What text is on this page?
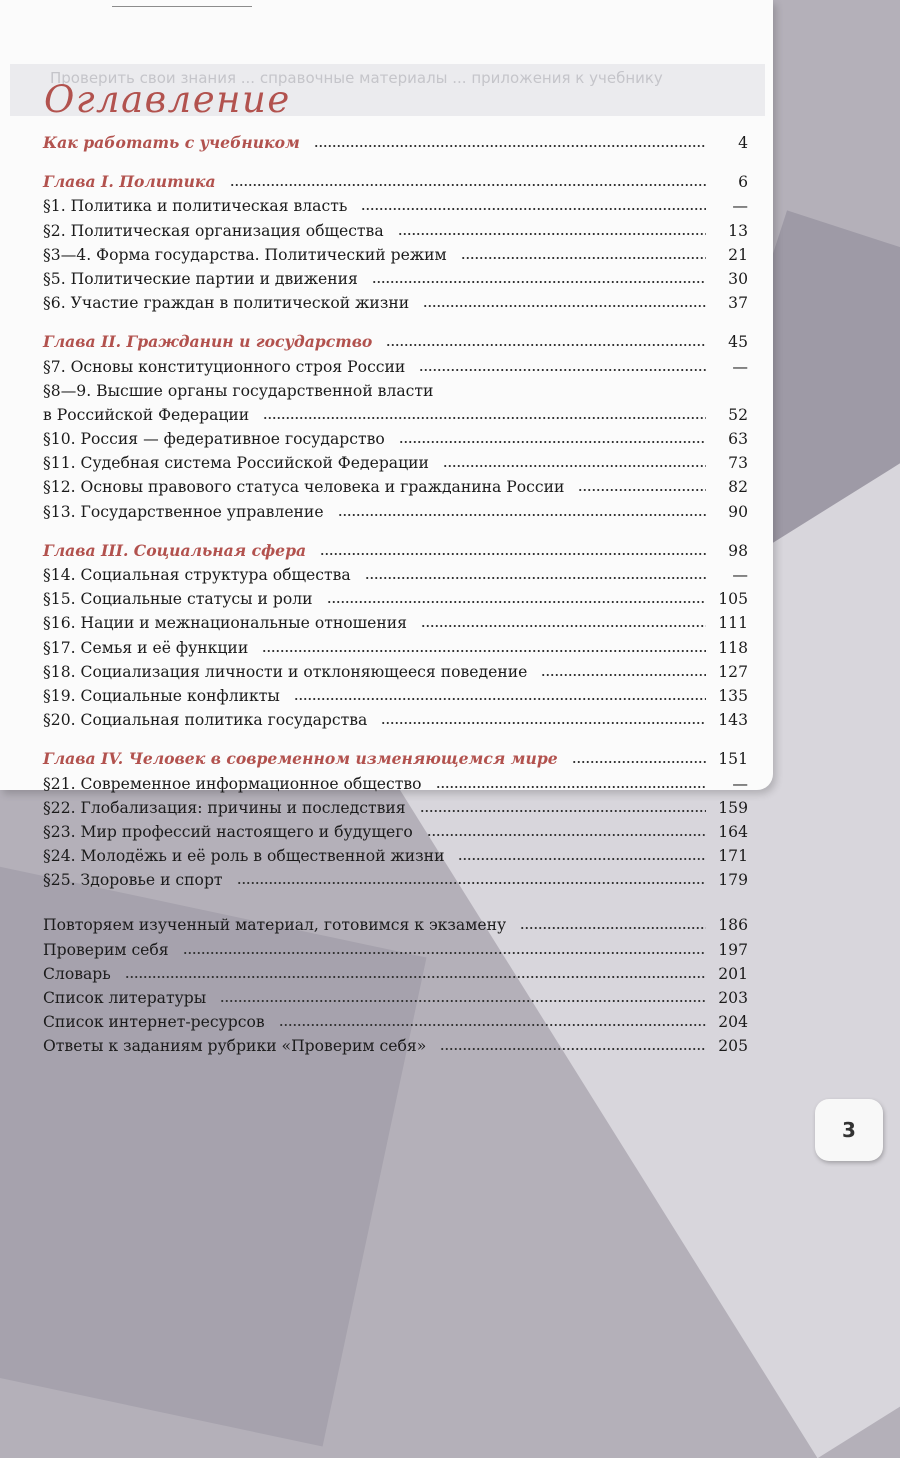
Проверить свои знания ... справочные материалы ... приложения к учебнику
Оглавление
Как работать с учебником	4
Глава I. Политика	6
§1. Политика и политическая власть	—
§2. Политическая организация общества	13
§3—4. Форма государства. Политический режим	21
§5. Политические партии и движения	30
§6. Участие граждан в политической жизни	37
Глава II. Гражданин и государство	45
§7. Основы конституционного строя России	—
§8—9. Высшие органы государственной власти
в Российской Федерации	52
§10. Россия — федеративное государство	63
§11. Судебная система Российской Федерации	73
§12. Основы правового статуса человека и гражданина России	82
§13. Государственное управление	90
Глава III. Социальная сфера	98
§14. Социальная структура общества	—
§15. Социальные статусы и роли	105
§16. Нации и межнациональные отношения	111
§17. Семья и её функции	118
§18. Социализация личности и отклоняющееся поведение	127
§19. Социальные конфликты	135
§20. Социальная политика государства	143
Глава IV. Человек в современном изменяющемся мире	151
§21. Современное информационное общество	—
§22. Глобализация: причины и последствия	159
§23. Мир профессий настоящего и будущего	164
§24. Молодёжь и её роль в общественной жизни	171
§25. Здоровье и спорт	179
Повторяем изученный материал, готовимся к экзамену	186
Проверим себя	197
Словарь	201
Список литературы	203
Список интернет-ресурсов	204
Ответы к заданиям рубрики «Проверим себя»	205
3
